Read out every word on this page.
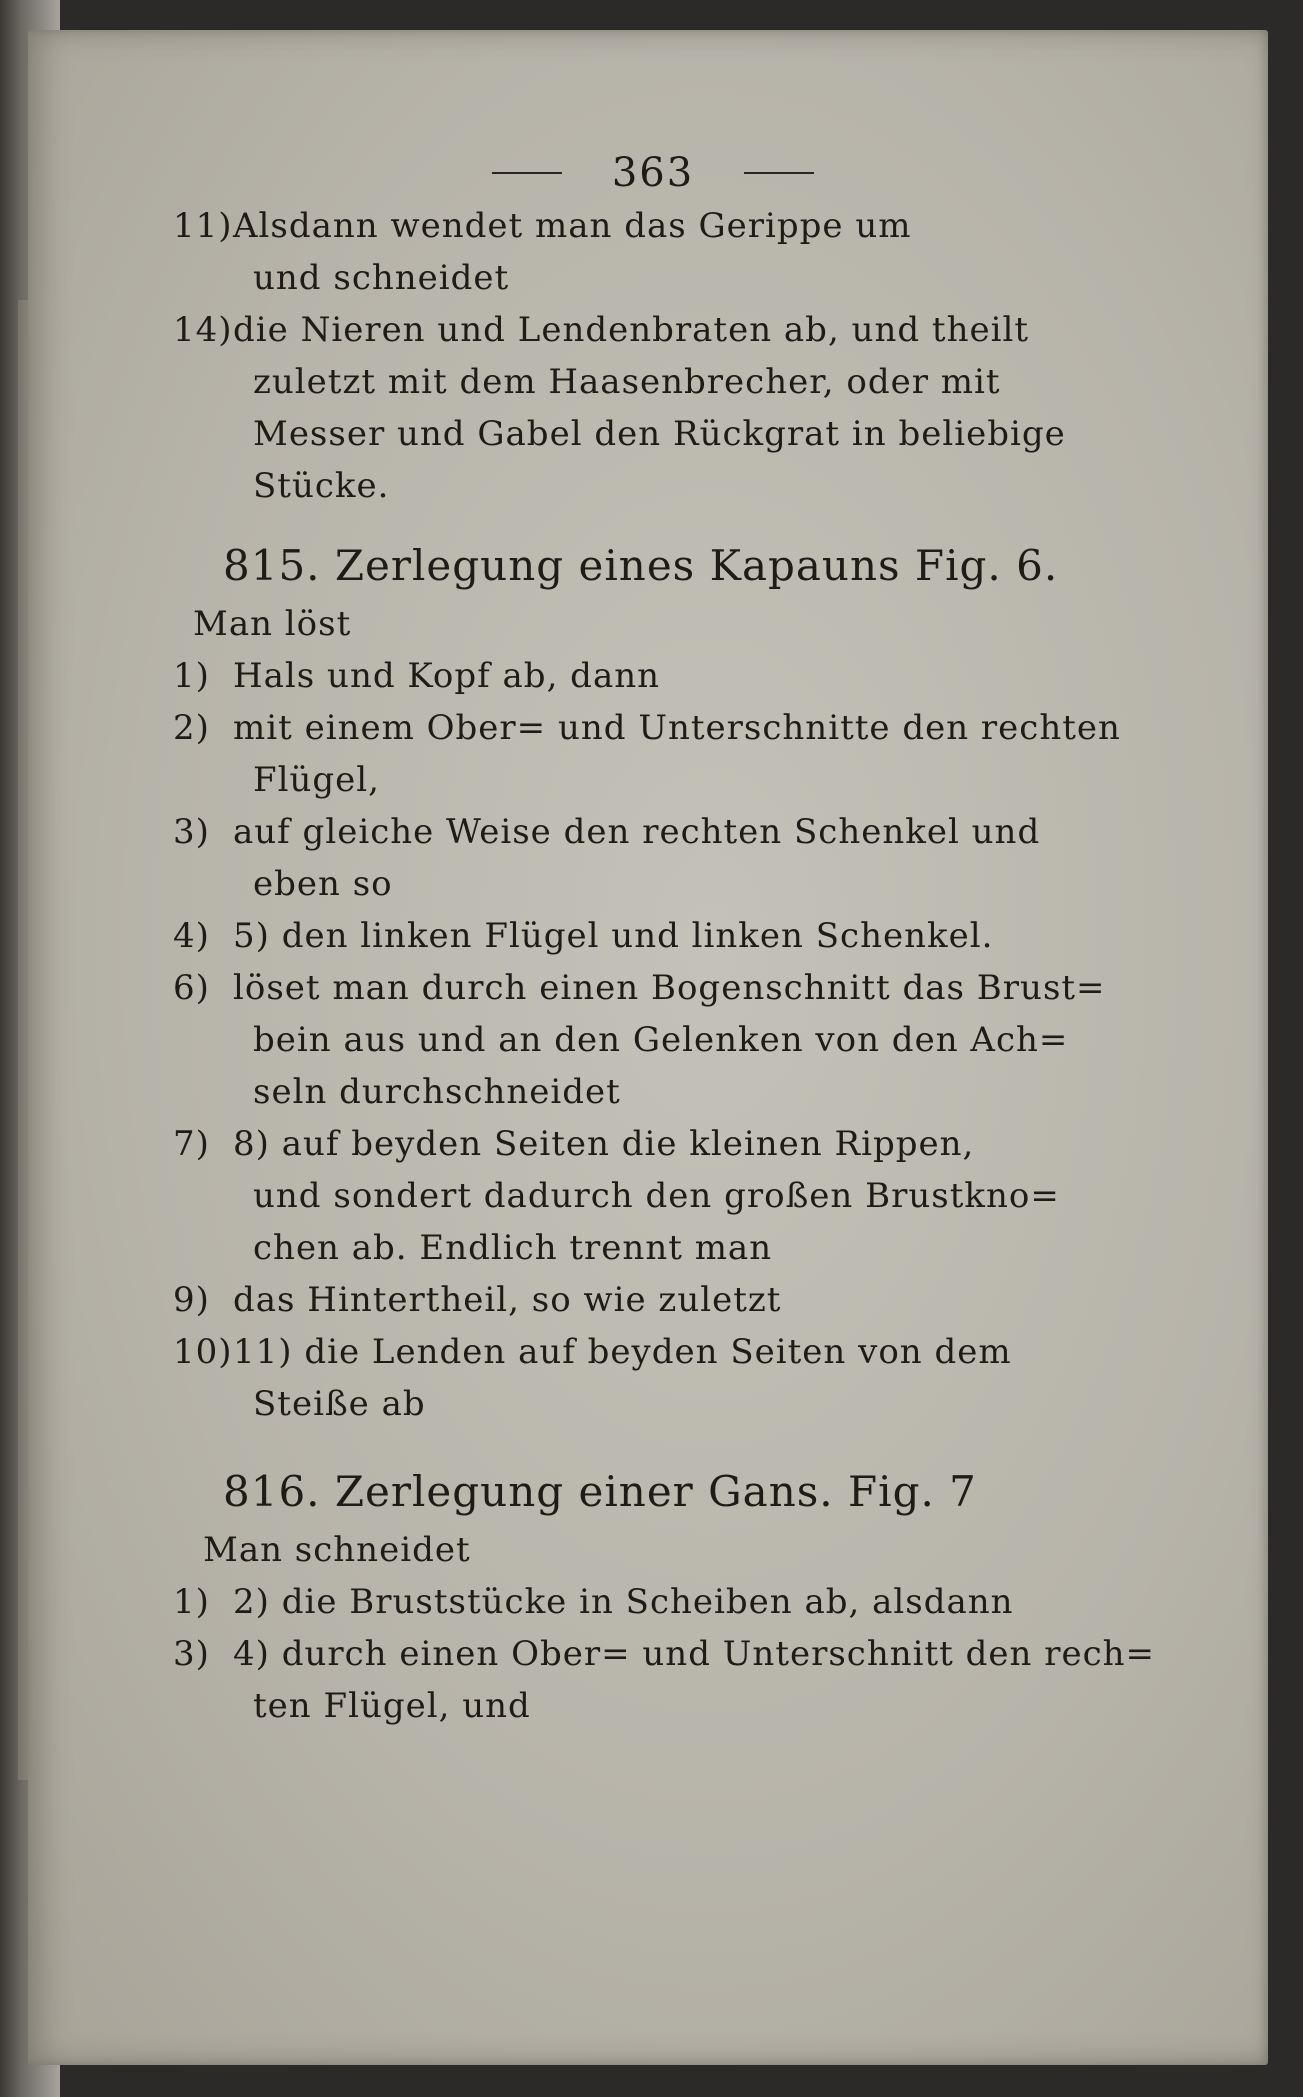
363
11)Alsdann wendet man das Gerippe um
und schneidet
14)die Nieren und Lendenbraten ab, und theilt
zuletzt mit dem Haasenbrecher, oder mit
Messer und Gabel den Rückgrat in beliebige
Stücke.
815. Zerlegung eines Kapauns Fig. 6.
Man löst
1) Hals und Kopf ab, dann
2) mit einem Ober= und Unterschnitte den rechten
Flügel,
3) auf gleiche Weise den rechten Schenkel und
eben so
4) 5) den linken Flügel und linken Schenkel.
6) löset man durch einen Bogenschnitt das Brust=
bein aus und an den Gelenken von den Ach=
seln durchschneidet
7) 8) auf beyden Seiten die kleinen Rippen,
und sondert dadurch den großen Brustkno=
chen ab. Endlich trennt man
9) das Hintertheil, so wie zuletzt
10)11) die Lenden auf beyden Seiten von dem
Steiße ab
816. Zerlegung einer Gans. Fig. 7
Man schneidet
1) 2) die Bruststücke in Scheiben ab, alsdann
3) 4) durch einen Ober= und Unterschnitt den rech=
ten Flügel, und
